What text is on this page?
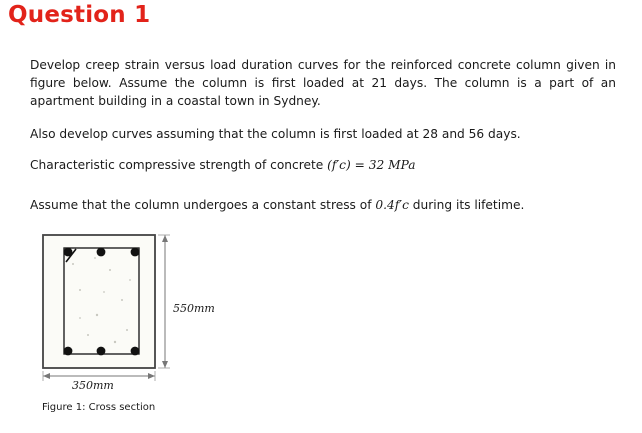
Question 1
Develop creep strain versus load duration curves for the reinforced concrete column given in figure below. Assume the column is first loaded at 21 days. The column is a part of an apartment building in a coastal town in Sydney.
Also develop curves assuming that the column is first loaded at 28 and 56 days.
Characteristic compressive strength of concrete (f′c) = 32 MPa
Assume that the column undergoes a constant stress of 0.4f′c during its lifetime.
550mm
350mm
Figure 1: Cross section
